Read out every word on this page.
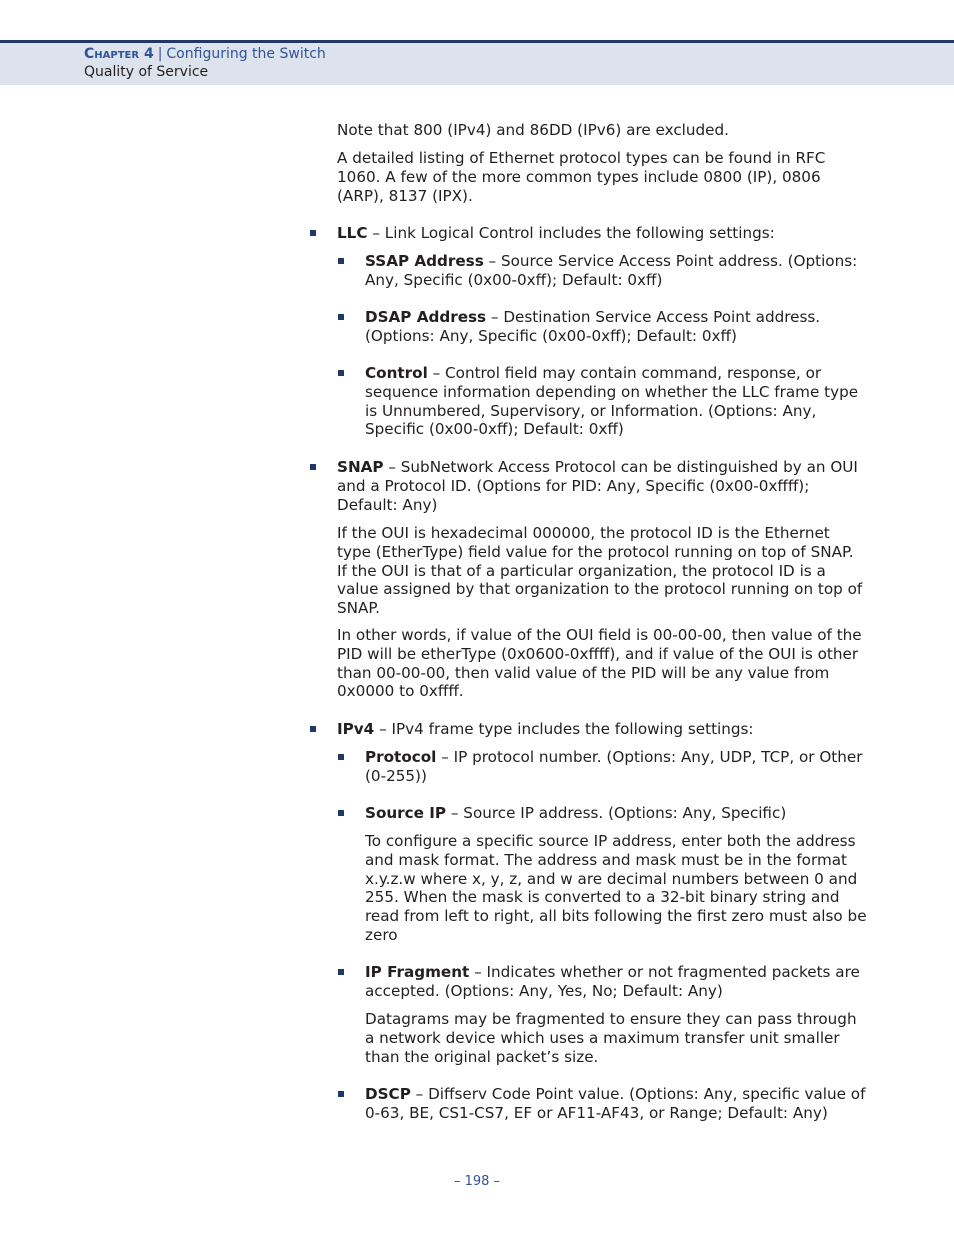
Chapter 4 | Configuring the Switch
Quality of Service
Note that 800 (IPv4) and 86DD (IPv6) are excluded.
A detailed listing of Ethernet protocol types can be found in RFC 1060. A few of the more common types include 0800 (IP), 0806 (ARP), 8137 (IPX).
LLC – Link Logical Control includes the following settings:
SSAP Address – Source Service Access Point address. (Options: Any, Specific (0x00-0xff); Default: 0xff)
DSAP Address – Destination Service Access Point address. (Options: Any, Specific (0x00-0xff); Default: 0xff)
Control – Control field may contain command, response, or sequence information depending on whether the LLC frame type is Unnumbered, Supervisory, or Information. (Options: Any, Specific (0x00-0xff); Default: 0xff)
SNAP – SubNetwork Access Protocol can be distinguished by an OUI and a Protocol ID. (Options for PID: Any, Specific (0x00-0xffff); Default: Any)
If the OUI is hexadecimal 000000, the protocol ID is the Ethernet type (EtherType) field value for the protocol running on top of SNAP. If the OUI is that of a particular organization, the protocol ID is a value assigned by that organization to the protocol running on top of SNAP.
In other words, if value of the OUI field is 00-00-00, then value of the PID will be etherType (0x0600-0xffff), and if value of the OUI is other than 00-00-00, then valid value of the PID will be any value from 0x0000 to 0xffff.
IPv4 – IPv4 frame type includes the following settings:
Protocol – IP protocol number. (Options: Any, UDP, TCP, or Other (0-255))
Source IP – Source IP address. (Options: Any, Specific)
To configure a specific source IP address, enter both the address and mask format. The address and mask must be in the format x.y.z.w where x, y, z, and w are decimal numbers between 0 and 255. When the mask is converted to a 32-bit binary string and read from left to right, all bits following the first zero must also be zero
IP Fragment – Indicates whether or not fragmented packets are accepted. (Options: Any, Yes, No; Default: Any)
Datagrams may be fragmented to ensure they can pass through a network device which uses a maximum transfer unit smaller than the original packet’s size.
DSCP – Diffserv Code Point value. (Options: Any, specific value of 0-63, BE, CS1-CS7, EF or AF11-AF43, or Range; Default: Any)
– 198 –
